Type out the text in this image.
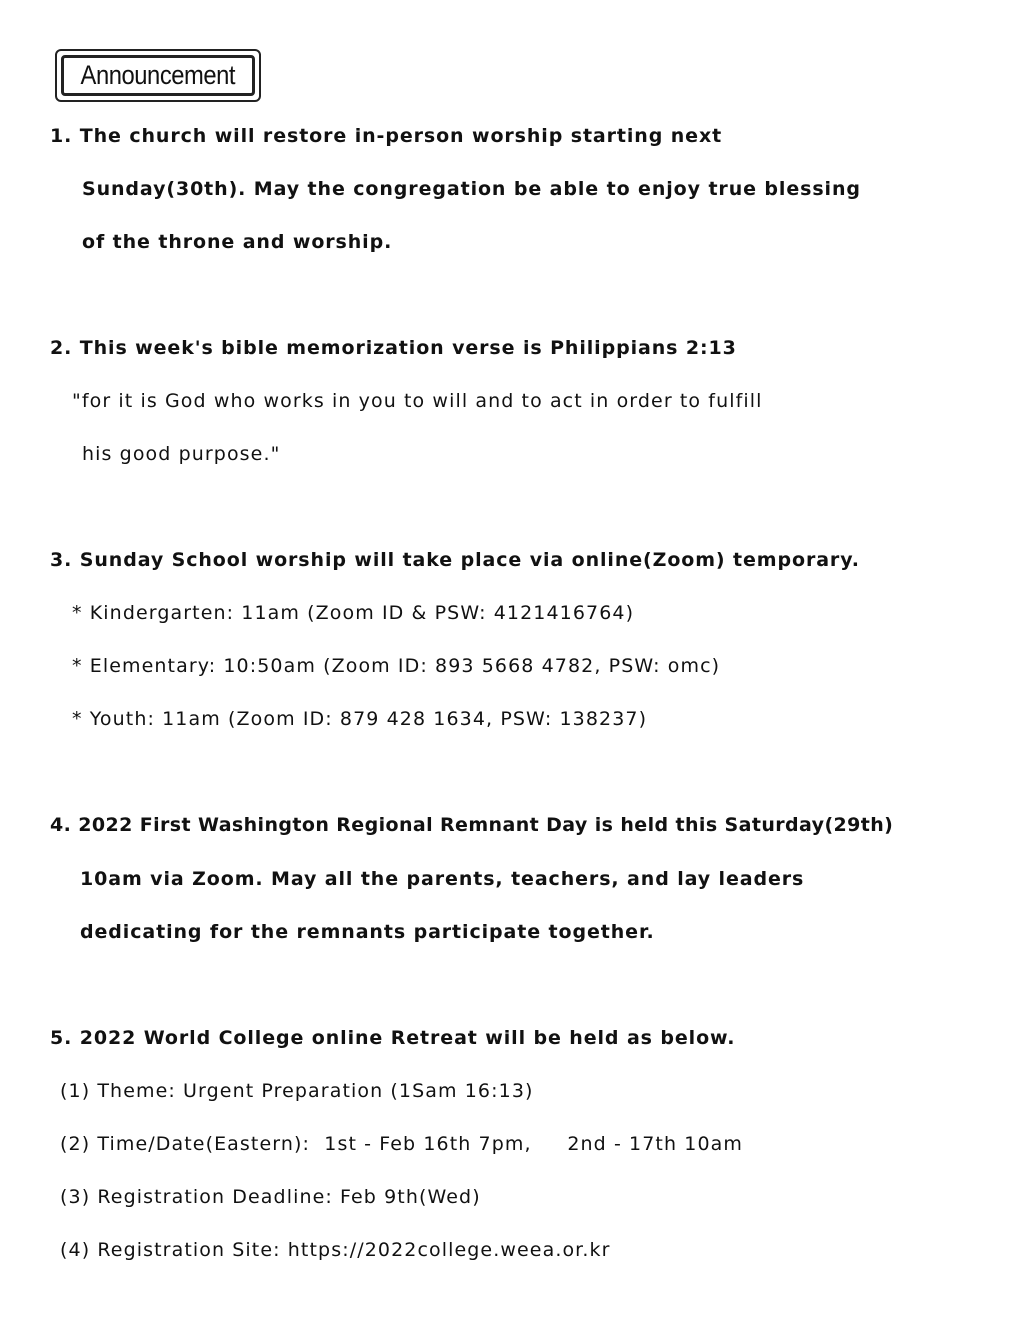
Announcement
1. The church will restore in-person worship starting next
Sunday(30th). May the congregation be able to enjoy true blessing
of the throne and worship.
2. This week's bible memorization verse is Philippians 2:13
"for it is God who works in you to will and to act in order to fulfill
his good purpose."
3. Sunday School worship will take place via online(Zoom) temporary.
* Kindergarten: 11am (Zoom ID & PSW: 4121416764)
* Elementary: 10:50am (Zoom ID: 893 5668 4782, PSW: omc)
* Youth: 11am (Zoom ID: 879 428 1634, PSW: 138237)
4. 2022 First Washington Regional Remnant Day is held this Saturday(29th)
10am via Zoom. May all the parents, teachers, and lay leaders
dedicating for the remnants participate together.
5. 2022 World College online Retreat will be held as below.
(1) Theme: Urgent Preparation (1Sam 16:13)
(2) Time/Date(Eastern):  1st - Feb 16th 7pm,     2nd - 17th 10am
(3) Registration Deadline: Feb 9th(Wed)
(4) Registration Site: https://2022college.weea.or.kr
